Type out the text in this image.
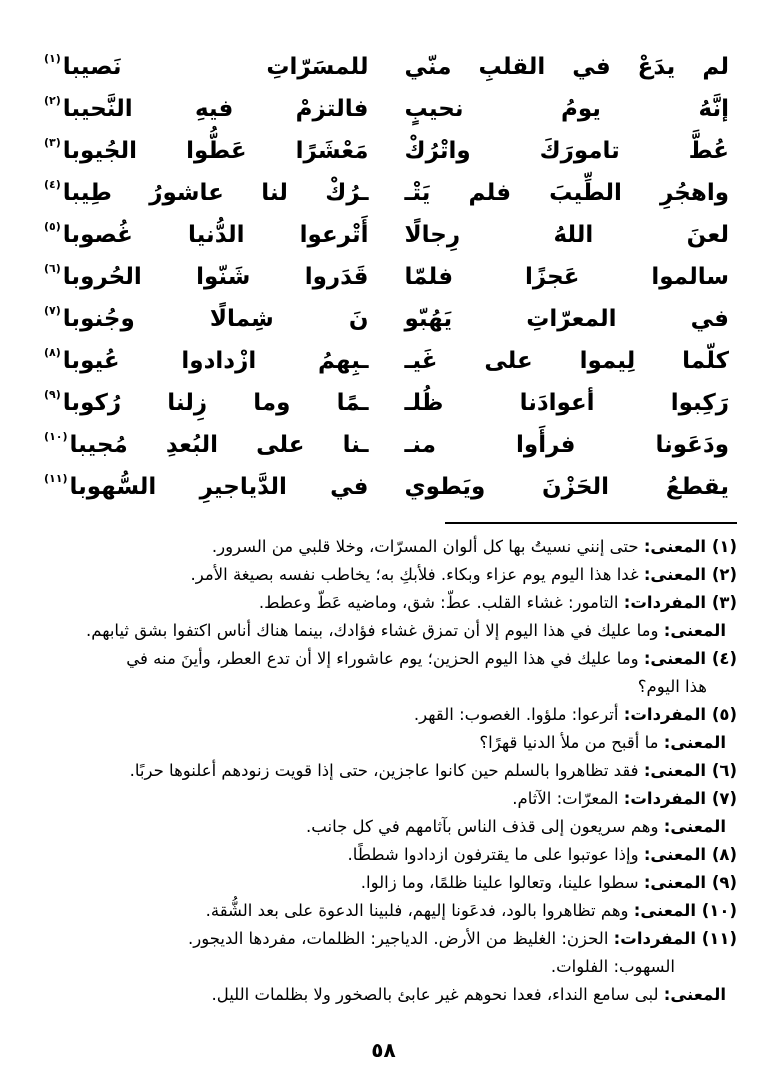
لم
يدَعْ
في
القلبِ
منّي
للمسَرّاتِ
نَصيبا$^{(١)}$
إنَّهُ
يومُ
نحيبٍ
فالتزمْ
فيهِ
النَّحيبا$^{(٢)}$
عُطَّ
تامورَكَ
واتْرُكْ
مَعْشَرًا
عَطُّوا
الجُيوبا$^{(٣)}$
واهجُرِ
الطِّيبَ
فلم
يَتْـ
ـرُكْ
لنا
عاشورُ
طِيبا$^{(٤)}$
لعنَ
اللهُ
رِجالًا
أَتْرعوا
الدُّنيا
غُصوبا$^{(٥)}$
سالموا
عَجزًا
فلمّا
قَدَروا
شَنّوا
الحُروبا$^{(٦)}$
في
المعرّاتِ
يَهُبّو
نَ
شِمالًا
وجُنوبا$^{(٧)}$
كلّما
لِيموا
على
غَيـ
ـبِهمُ
ازْدادوا
عُيوبا$^{(٨)}$
رَكِبوا
أعوادَنا
ظُلـ
ـمًا
وما
زِلنا
رُكوبا$^{(٩)}$
ودَعَونا
فرأَوا
منـ
ـنا
على
البُعدِ
مُجيبا$^{(١٠)}$
يقطعُ
الحَزْنَ
ويَطوي
في
الدَّياجيرِ
السُّهوبا$^{(١١)}$
(١) المعنى: حتى إنني نسيتُ بها كل ألوان المسرّات، وخلا قلبي من السرور.
(٢) المعنى: غدا هذا اليوم يوم عزاء وبكاء. فلأبكِ به؛ يخاطب نفسه بصيغة الأمر.
(٣) المفردات: التامور: غشاء القلب. عطّ: شق، وماضيه عَطّ وعطط.
المعنى: وما عليك في هذا اليوم إلا أن تمزق غشاء فؤادك، بينما هناك أناس اكتفوا بشق ثيابهم.
(٤) المعنى: وما عليك في هذا اليوم الحزين؛ يوم عاشوراء إلا أن تدع العطر، وأينَ منه في
هذا اليوم؟
(٥) المفردات: أترعوا: ملؤوا. الغصوب: القهر.
المعنى: ما أقبح من ملأ الدنيا قهرًا؟
(٦) المعنى: فقد تظاهروا بالسلم حين كانوا عاجزين، حتى إذا قويت زنودهم أعلنوها حربًا.
(٧) المفردات: المعرّات: الآثام.
المعنى: وهم سريعون إلى قذف الناس بآثامهم في كل جانب.
(٨) المعنى: وإذا عوتبوا على ما يقترفون ازدادوا شططًا.
(٩) المعنى: سطوا علينا، وتعالوا علينا ظلمًا، وما زالوا.
(١٠) المعنى: وهم تظاهروا بالود، فدعَونا إليهم، فلبينا الدعوة على بعد الشُّقة.
(١١) المفردات: الحزن: الغليظ من الأرض. الدياجير: الظلمات، مفردها الديجور.
السهوب: الفلوات.
المعنى: لبى سامع النداء، فعدا نحوهم غير عابئ بالصخور ولا بظلمات الليل.
٥٨
